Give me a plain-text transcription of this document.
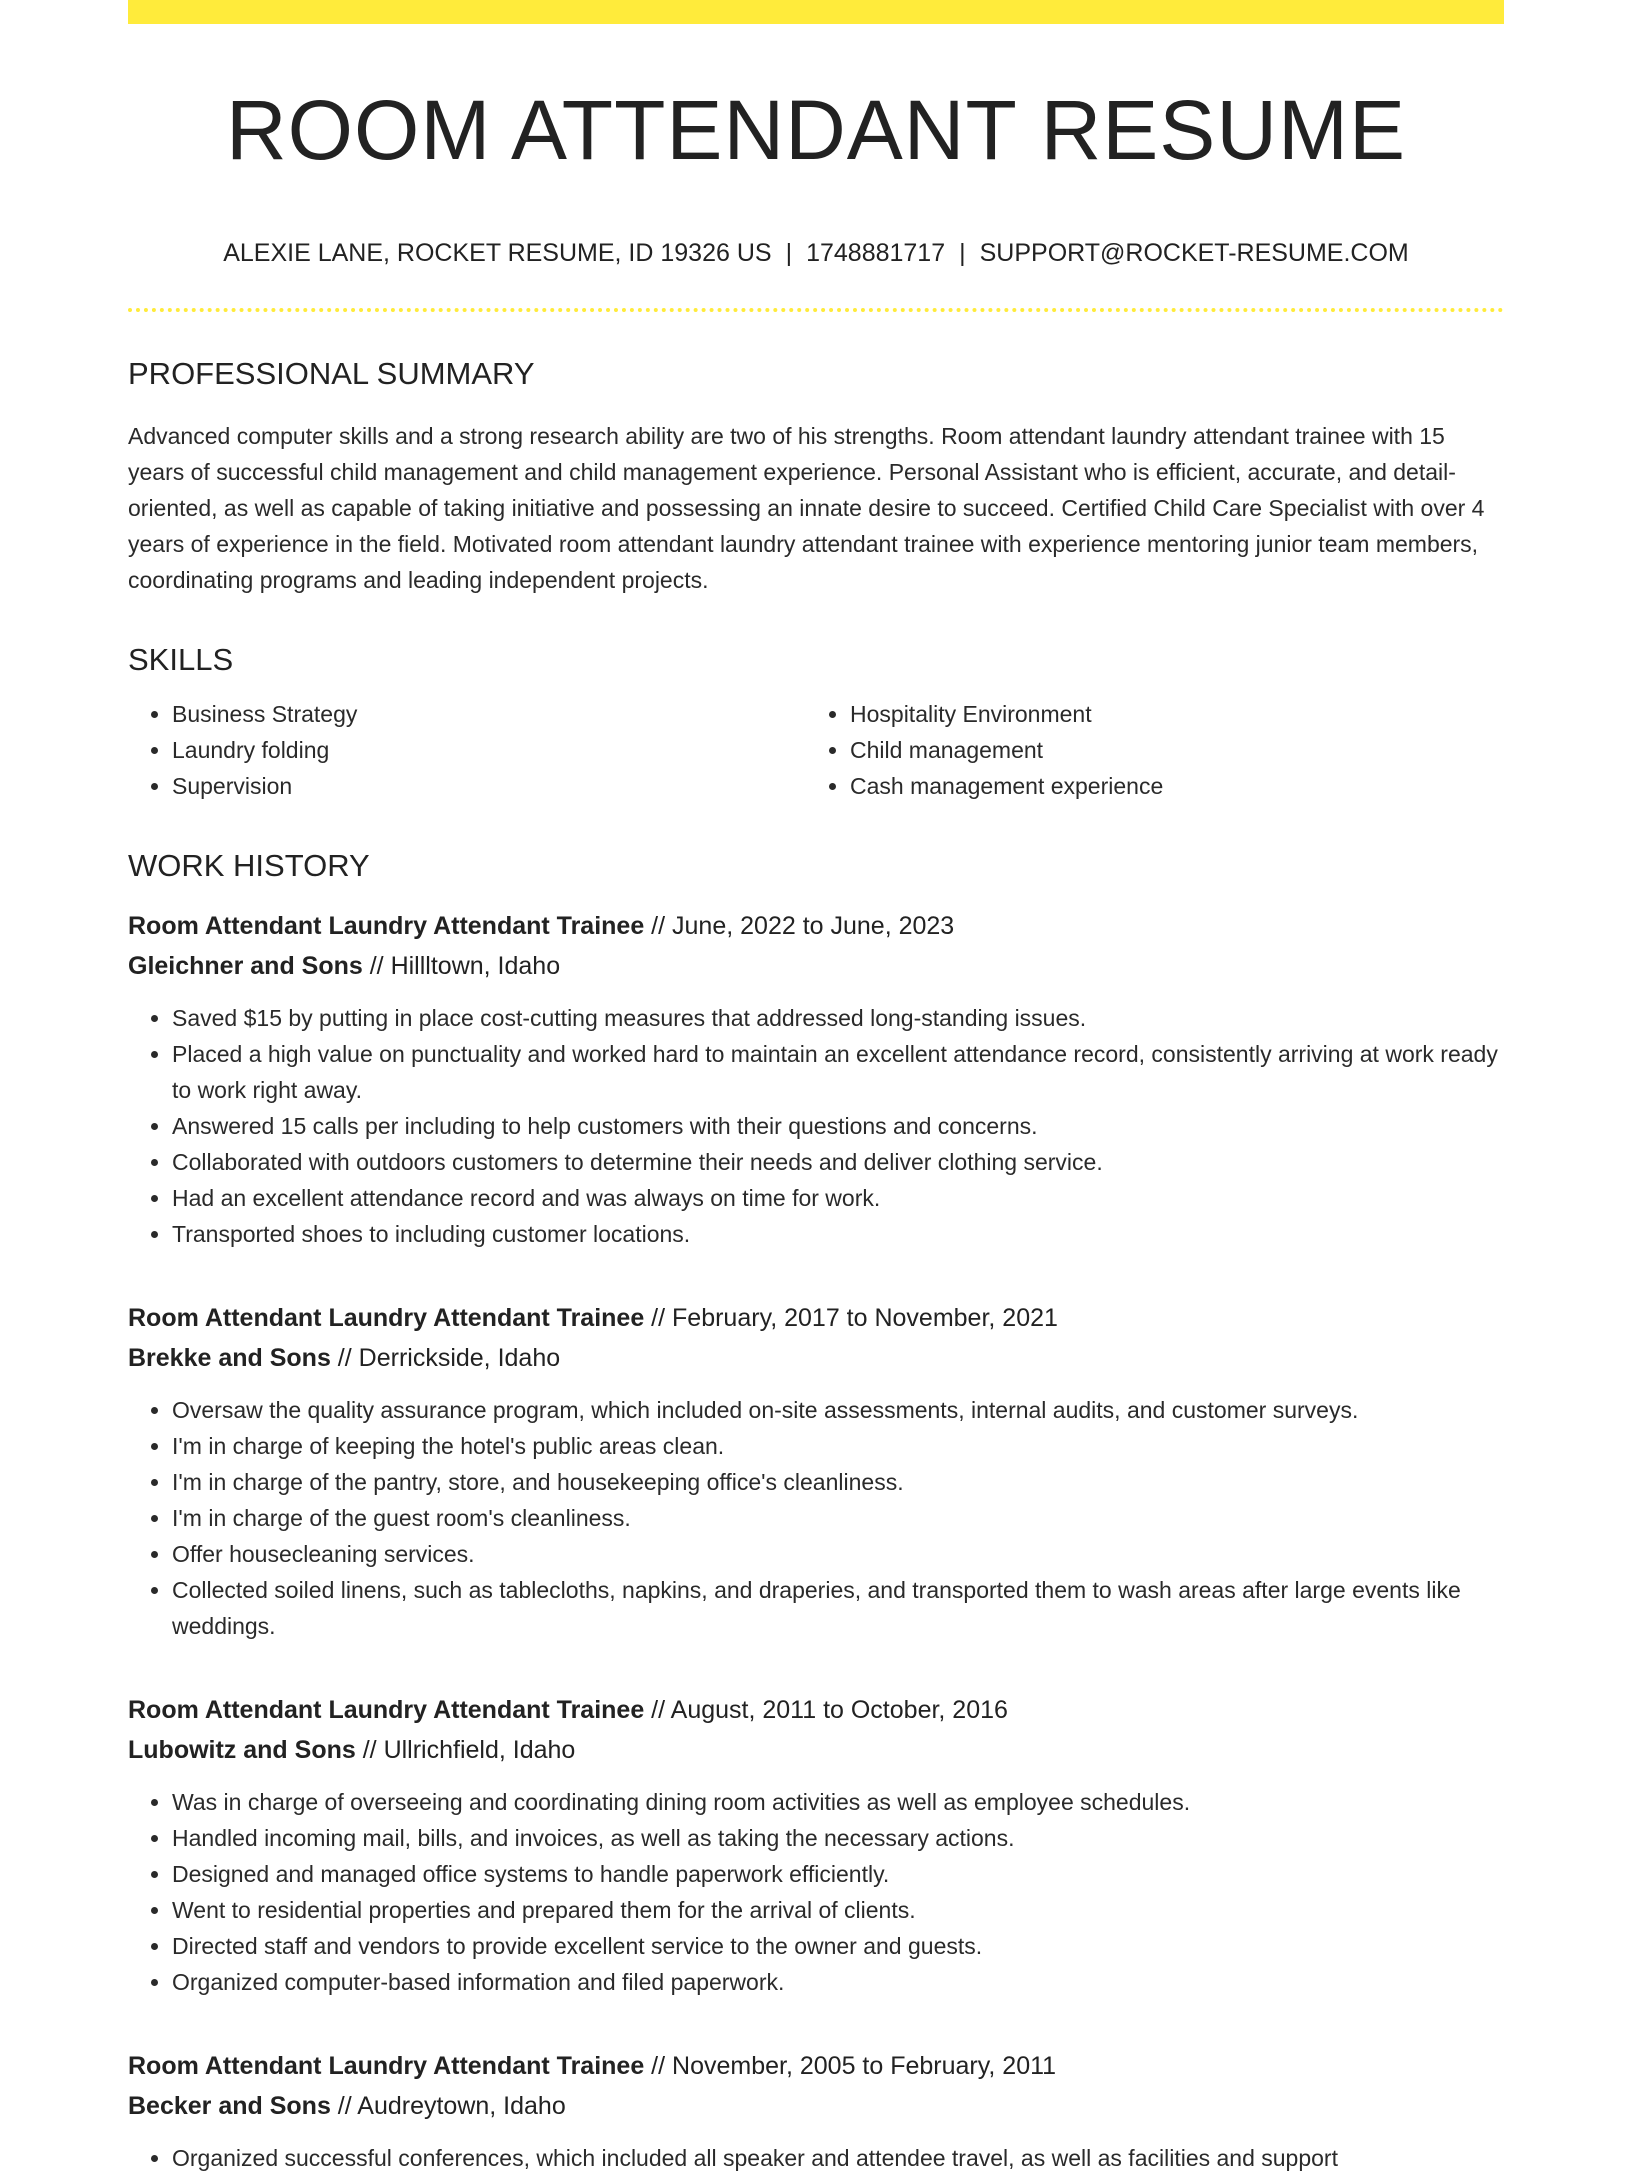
ROOM ATTENDANT RESUME
ALEXIE LANE, ROCKET RESUME, ID 19326 US | 1748881717 | SUPPORT@ROCKET-RESUME.COM
PROFESSIONAL SUMMARY

Advanced computer skills and a strong research ability are two of his strengths. Room attendant laundry attendant trainee with 15 years of successful child management and child management experience. Personal Assistant who is efficient, accurate, and detail-oriented, as well as capable of taking initiative and possessing an innate desire to succeed. Certified Child Care Specialist with over 4 years of experience in the field. Motivated room attendant laundry attendant trainee with experience mentoring junior team members, coordinating programs and leading independent projects.

SKILLS
• Business Strategy
• Laundry folding
• Supervision
• Hospitality Environment
• Child management
• Cash management experience
WORK HISTORY
Room Attendant Laundry Attendant Trainee // June, 2022 to June, 2023
Gleichner and Sons // Hillltown, Idaho
• Saved $15 by putting in place cost-cutting measures that addressed long-standing issues.
• Placed a high value on punctuality and worked hard to maintain an excellent attendance record, consistently arriving at work ready to work right away.
• Answered 15 calls per including to help customers with their questions and concerns.
• Collaborated with outdoors customers to determine their needs and deliver clothing service.
• Had an excellent attendance record and was always on time for work.
• Transported shoes to including customer locations.
Room Attendant Laundry Attendant Trainee // February, 2017 to November, 2021
Brekke and Sons // Derrickside, Idaho
• Oversaw the quality assurance program, which included on-site assessments, internal audits, and customer surveys.
• I'm in charge of keeping the hotel's public areas clean.
• I'm in charge of the pantry, store, and housekeeping office's cleanliness.
• I'm in charge of the guest room's cleanliness.
• Offer housecleaning services.
• Collected soiled linens, such as tablecloths, napkins, and draperies, and transported them to wash areas after large events like weddings.
Room Attendant Laundry Attendant Trainee // August, 2011 to October, 2016
Lubowitz and Sons // Ullrichfield, Idaho
• Was in charge of overseeing and coordinating dining room activities as well as employee schedules.
• Handled incoming mail, bills, and invoices, as well as taking the necessary actions.
• Designed and managed office systems to handle paperwork efficiently.
• Went to residential properties and prepared them for the arrival of clients.
• Directed staff and vendors to provide excellent service to the owner and guests.
• Organized computer-based information and filed paperwork.
Room Attendant Laundry Attendant Trainee // November, 2005 to February, 2011
Becker and Sons // Audreytown, Idaho
• Organized successful conferences, which included all speaker and attendee travel, as well as facilities and support
